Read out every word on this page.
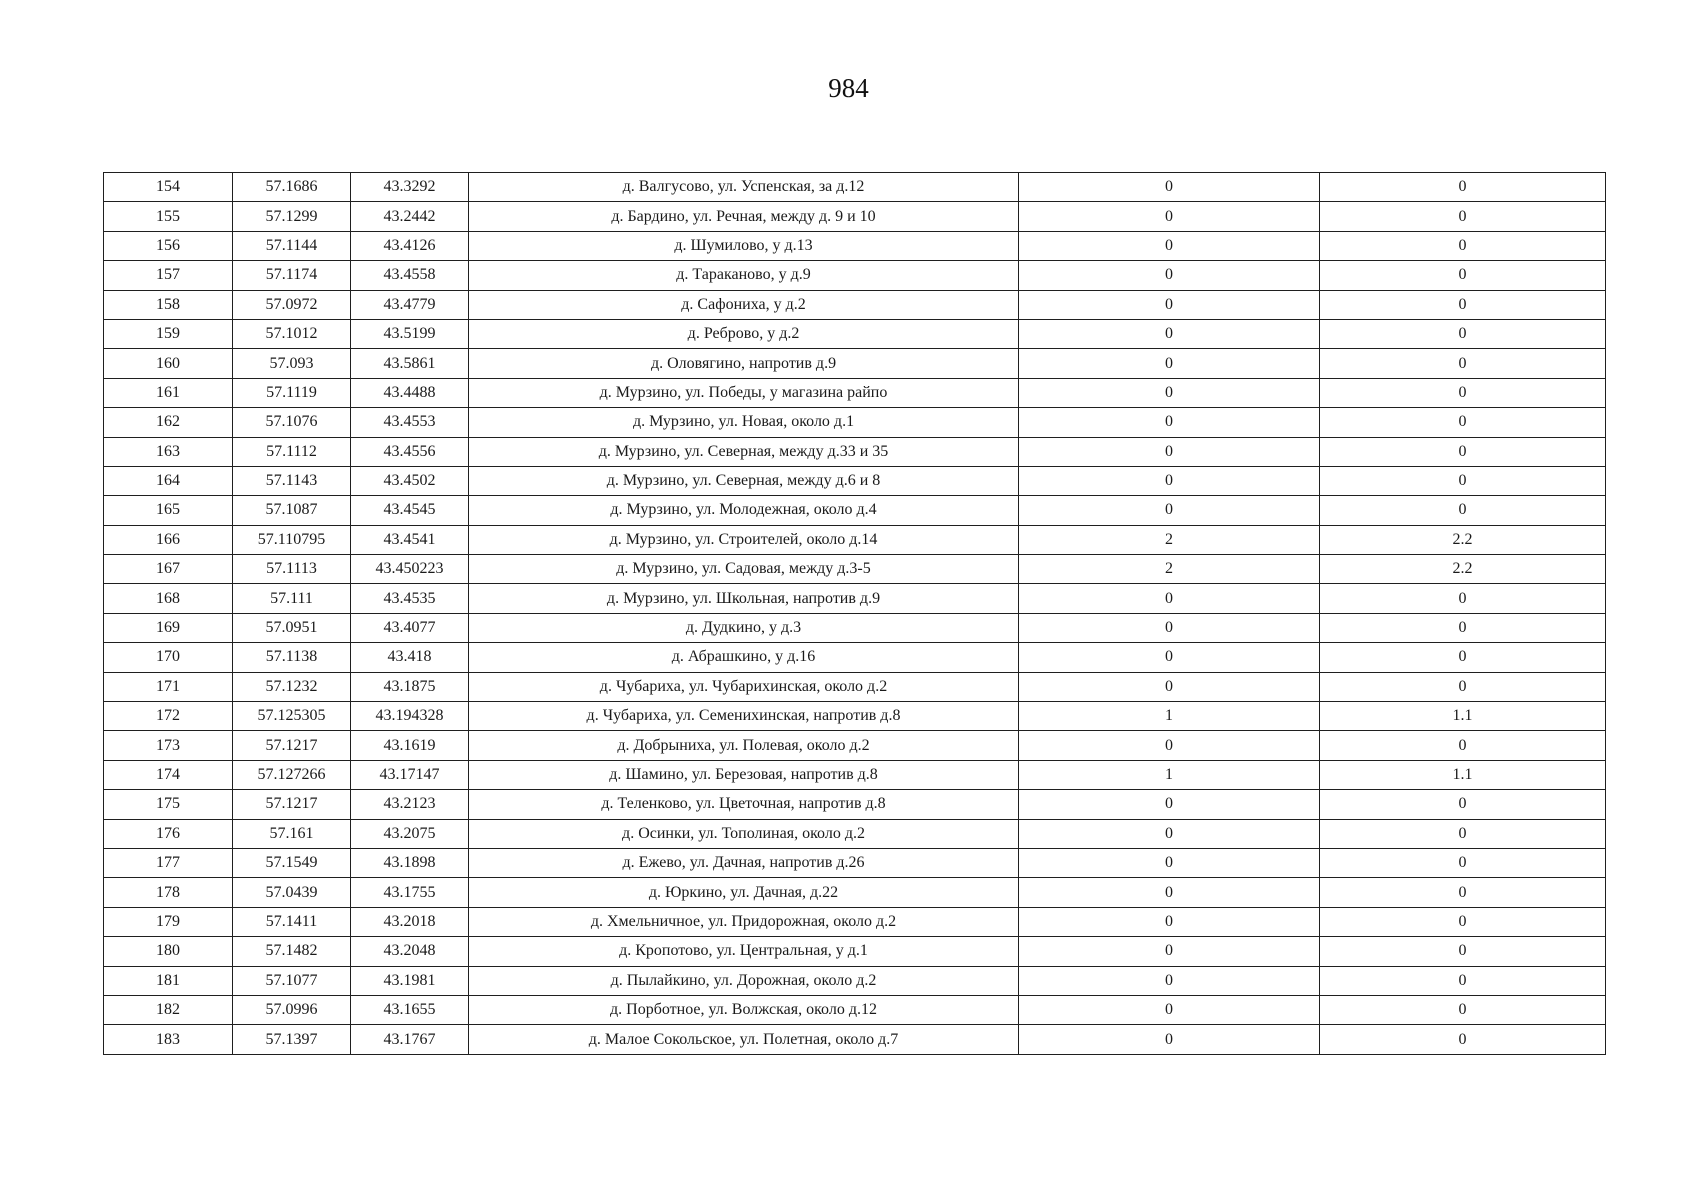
984
154	57.1686	43.3292	д. Валгусово, ул. Успенская, за д.12	0	0
155	57.1299	43.2442	д. Бардино, ул. Речная, между д. 9 и 10	0	0
156	57.1144	43.4126	д. Шумилово, у д.13	0	0
157	57.1174	43.4558	д. Тараканово, у д.9	0	0
158	57.0972	43.4779	д. Сафониха, у д.2	0	0
159	57.1012	43.5199	д. Реброво, у д.2	0	0
160	57.093	43.5861	д. Оловягино, напротив д.9	0	0
161	57.1119	43.4488	д. Мурзино, ул. Победы, у магазина райпо	0	0
162	57.1076	43.4553	д. Мурзино, ул. Новая, около д.1	0	0
163	57.1112	43.4556	д. Мурзино, ул. Северная, между д.33 и 35	0	0
164	57.1143	43.4502	д. Мурзино, ул. Северная, между д.6 и 8	0	0
165	57.1087	43.4545	д. Мурзино, ул. Молодежная, около д.4	0	0
166	57.110795	43.4541	д. Мурзино, ул. Строителей, около д.14	2	2.2
167	57.1113	43.450223	д. Мурзино, ул. Садовая, между д.3-5	2	2.2
168	57.111	43.4535	д. Мурзино, ул. Школьная, напротив д.9	0	0
169	57.0951	43.4077	д. Дудкино, у д.3	0	0
170	57.1138	43.418	д. Абрашкино, у д.16	0	0
171	57.1232	43.1875	д. Чубариха, ул. Чубарихинская, около д.2	0	0
172	57.125305	43.194328	д. Чубариха, ул. Семенихинская, напротив д.8	1	1.1
173	57.1217	43.1619	д. Добрыниха, ул. Полевая, около д.2	0	0
174	57.127266	43.17147	д. Шамино, ул. Березовая, напротив д.8	1	1.1
175	57.1217	43.2123	д. Теленково, ул. Цветочная, напротив д.8	0	0
176	57.161	43.2075	д. Осинки, ул. Тополиная, около д.2	0	0
177	57.1549	43.1898	д. Ежево, ул. Дачная, напротив д.26	0	0
178	57.0439	43.1755	д. Юркино, ул. Дачная, д.22	0	0
179	57.1411	43.2018	д. Хмельничное, ул. Придорожная, около д.2	0	0
180	57.1482	43.2048	д. Кропотово, ул. Центральная, у д.1	0	0
181	57.1077	43.1981	д. Пылайкино, ул. Дорожная, около д.2	0	0
182	57.0996	43.1655	д. Порботное, ул. Волжская, около д.12	0	0
183	57.1397	43.1767	д. Малое Сокольское, ул. Полетная, около д.7	0	0
